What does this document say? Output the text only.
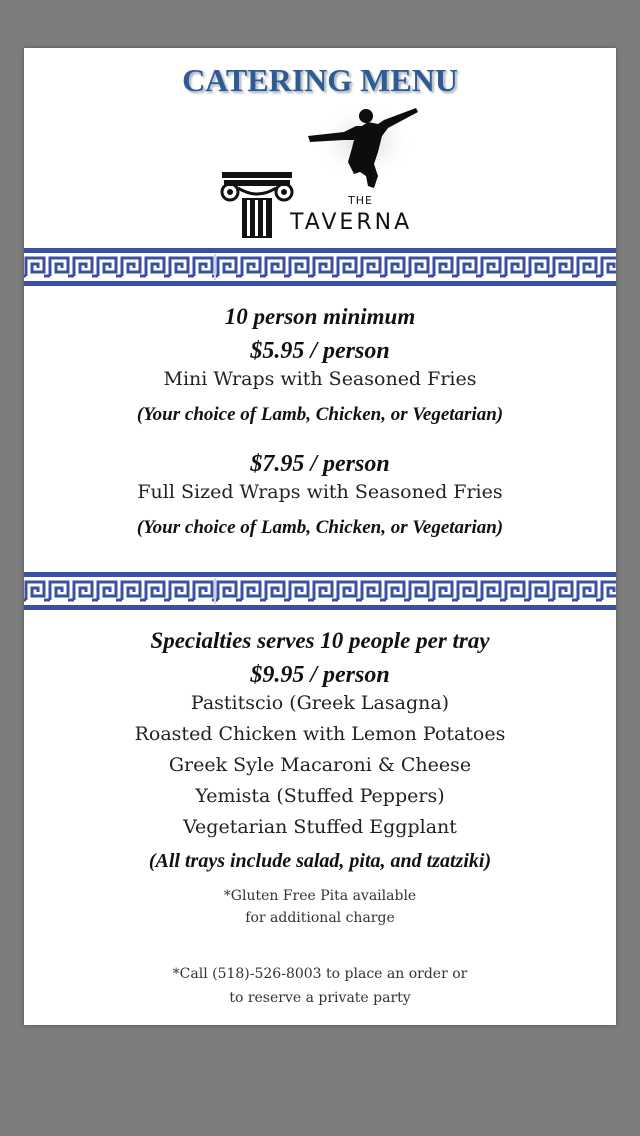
CATERING MENU
THE
TAVERNA
10 person minimum
$5.95 / person
Mini Wraps with Seasoned Fries
(Your choice of Lamb, Chicken, or Vegetarian)
$7.95 / person
Full Sized Wraps with Seasoned Fries
(Your choice of Lamb, Chicken, or Vegetarian)
Specialties serves 10 people per tray
$9.95 / person
Pastitscio (Greek Lasagna)
Roasted Chicken with Lemon Potatoes
Greek Syle Macaroni & Cheese
Yemista (Stuffed Peppers)
Vegetarian Stuffed Eggplant
(All trays include salad, pita, and tzatziki)
*Gluten Free Pita available
for additional charge
*Call (518)-526-8003 to place an order or
to reserve a private party
